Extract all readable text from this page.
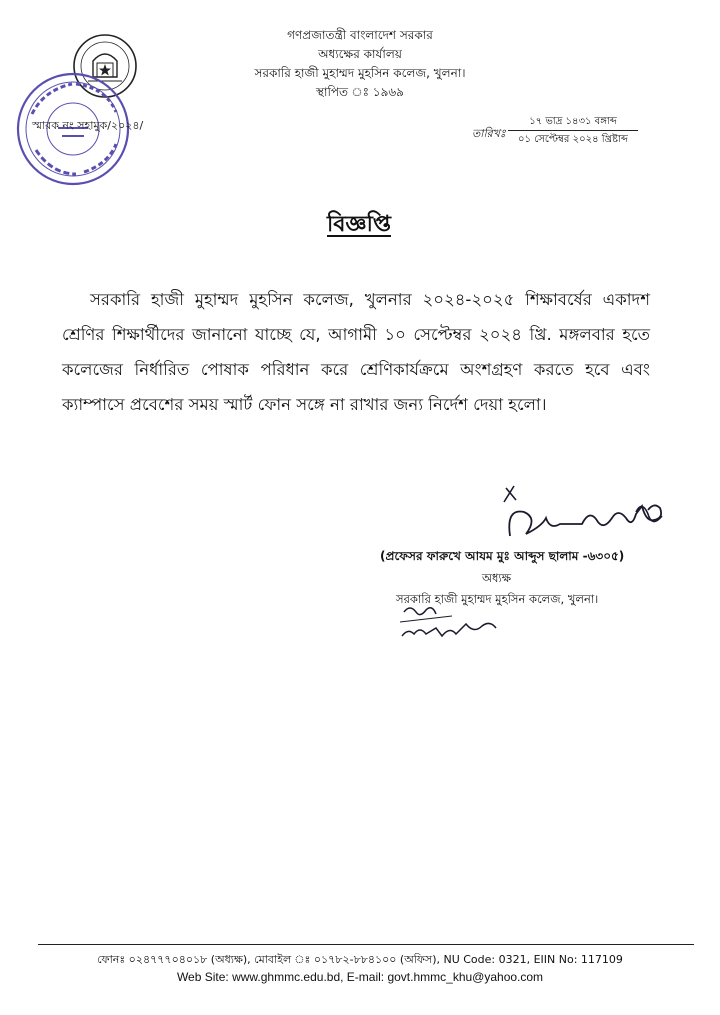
গণপ্রজাতন্ত্রী বাংলাদেশ সরকার
অধ্যক্ষের কার্যালয়
সরকারি হাজী মুহাম্মদ মুহসিন কলেজ, খুলনা।
স্থাপিত ঃ ১৯৬৯
স্মারক নং সহামুক/২০২৪/
তারিখঃ
১৭ ভাদ্র ১৪৩১ বঙ্গাব্দ
০১ সেপ্টেম্বর ২০২৪ খ্রিষ্টাব্দ
বিজ্ঞপ্তি

সরকারি হাজী মুহাম্মদ মুহসিন কলেজ, খুলনার ২০২৪-২০২৫ শিক্ষাবর্ষের একাদশ শ্রেণির শিক্ষার্থীদের জানানো যাচ্ছে যে, আগামী ১০ সেপ্টেম্বর ২০২৪ খ্রি. মঙ্গলবার হতে কলেজের নির্ধারিত পোষাক পরিধান করে শ্রেণিকার্যক্রমে অংশগ্রহণ করতে হবে এবং ক্যাম্পাসে প্রবেশের সময় স্মার্ট ফোন সঙ্গে না রাখার জন্য নির্দেশ দেয়া হলো।

(প্রফেসর ফারুখে আযম মুঃ আব্দুস ছালাম -৬৩০৫)
অধ্যক্ষ
সরকারি হাজী মুহাম্মদ মুহসিন কলেজ, খুলনা।
ফোনঃ ০২৪৭৭৭০৪০১৮ (অধ্যক্ষ), মোবাইল ঃ ০১৭৮২-৮৮৪১০০ (অফিস), NU Code: 0321, EIIN No: 117109
Web Site: www.ghmmc.edu.bd, E-mail: govt.hmmc_khu@yahoo.com
